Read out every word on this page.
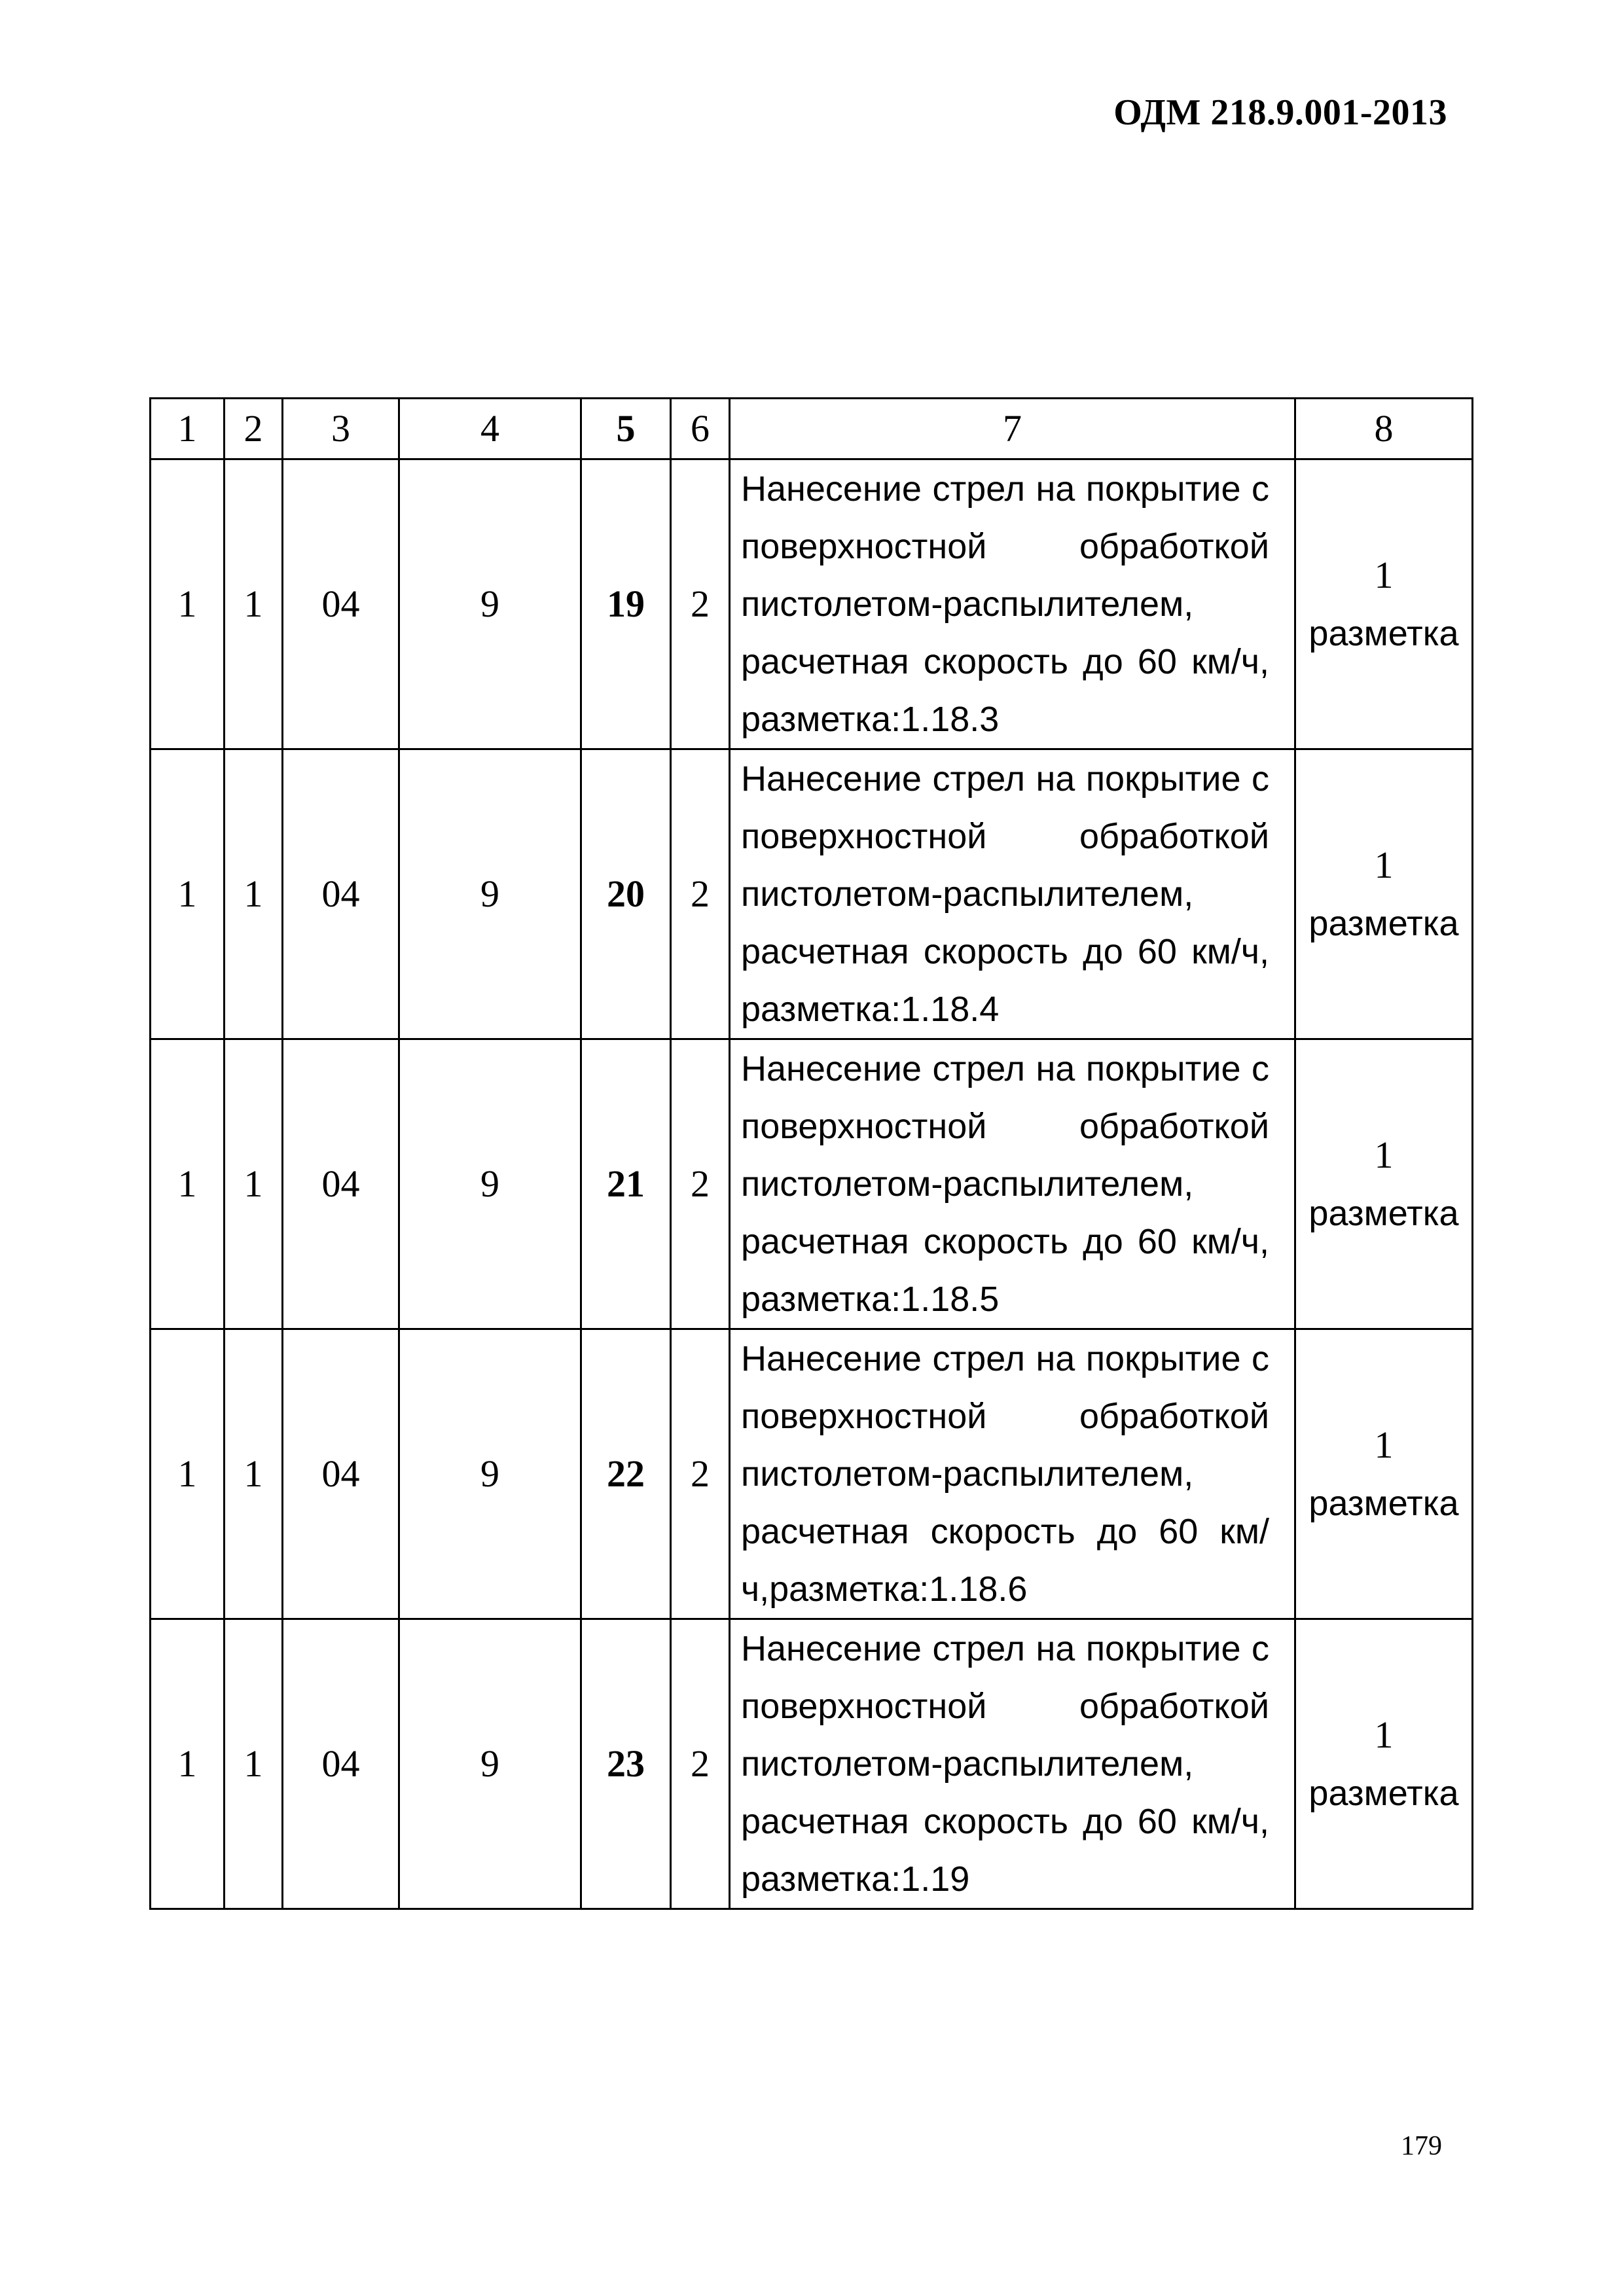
ОДМ 218.9.001-2013
1	2	3	4	5	6	7	8
1	1	04	9	19	2	Нанесение стрел на покрытие с поверхностной обработкой пистолетом-распылителем, расчетная скорость до 60 км/ч, разметка:1.18.3	1
разметка
1	1	04	9	20	2	Нанесение стрел на покрытие с поверхностной обработкой пистолетом-распылителем, расчетная скорость до 60 км/ч, разметка:1.18.4	1
разметка
1	1	04	9	21	2	Нанесение стрел на покрытие с поверхностной обработкой пистолетом-распылителем, расчетная скорость до 60 км/ч, разметка:1.18.5	1
разметка
1	1	04	9	22	2	Нанесение стрел на покрытие с поверхностной обработкой пистолетом-распылителем, расчетная скорость до 60 км/ч,разметка:1.18.6	1
разметка
1	1	04	9	23	2	Нанесение стрел на покрытие с поверхностной обработкой пистолетом-распылителем, расчетная скорость до 60 км/ч, разметка:1.19	1
разметка
179
